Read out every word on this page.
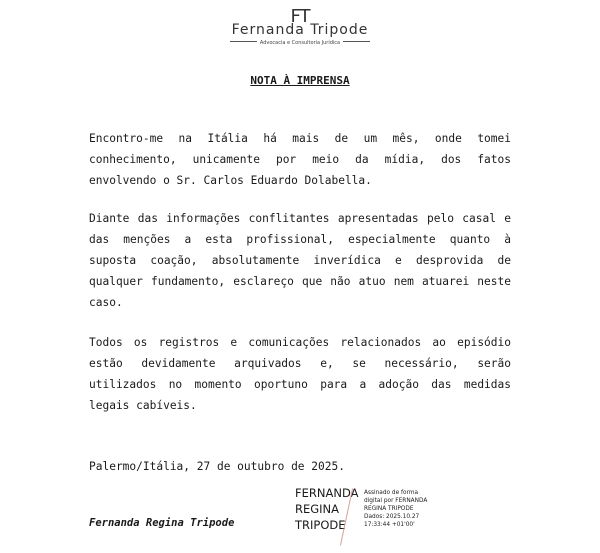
FT
Fernanda Tripode
Advocacia e Consultoria Jurídica
NOTA À IMPRENSA

Encontro-me na Itália há mais de um mês, onde tomei conhecimento, unicamente por meio da mídia, dos fatos envolvendo o Sr. Carlos Eduardo Dolabella.

Diante das informações conflitantes apresentadas pelo casal e das menções a esta profissional, especialmente quanto à suposta coação, absolutamente inverídica e desprovida de qualquer fundamento, esclareço que não atuo nem atuarei neste caso.

Todos os registros e comunicações relacionados ao episódio estão devidamente arquivados e, se necessário, serão utilizados no momento oportuno para a adoção das medidas legais cabíveis.

Palermo/Itália, 27 de outubro de 2025.

Fernanda Regina Tripode
FERNANDA
REGINA
TRIPODE
Assinado de forma
digital por FERNANDA
REGINA TRIPODE
Dados: 2025.10.27
17:33:44 +01'00'
